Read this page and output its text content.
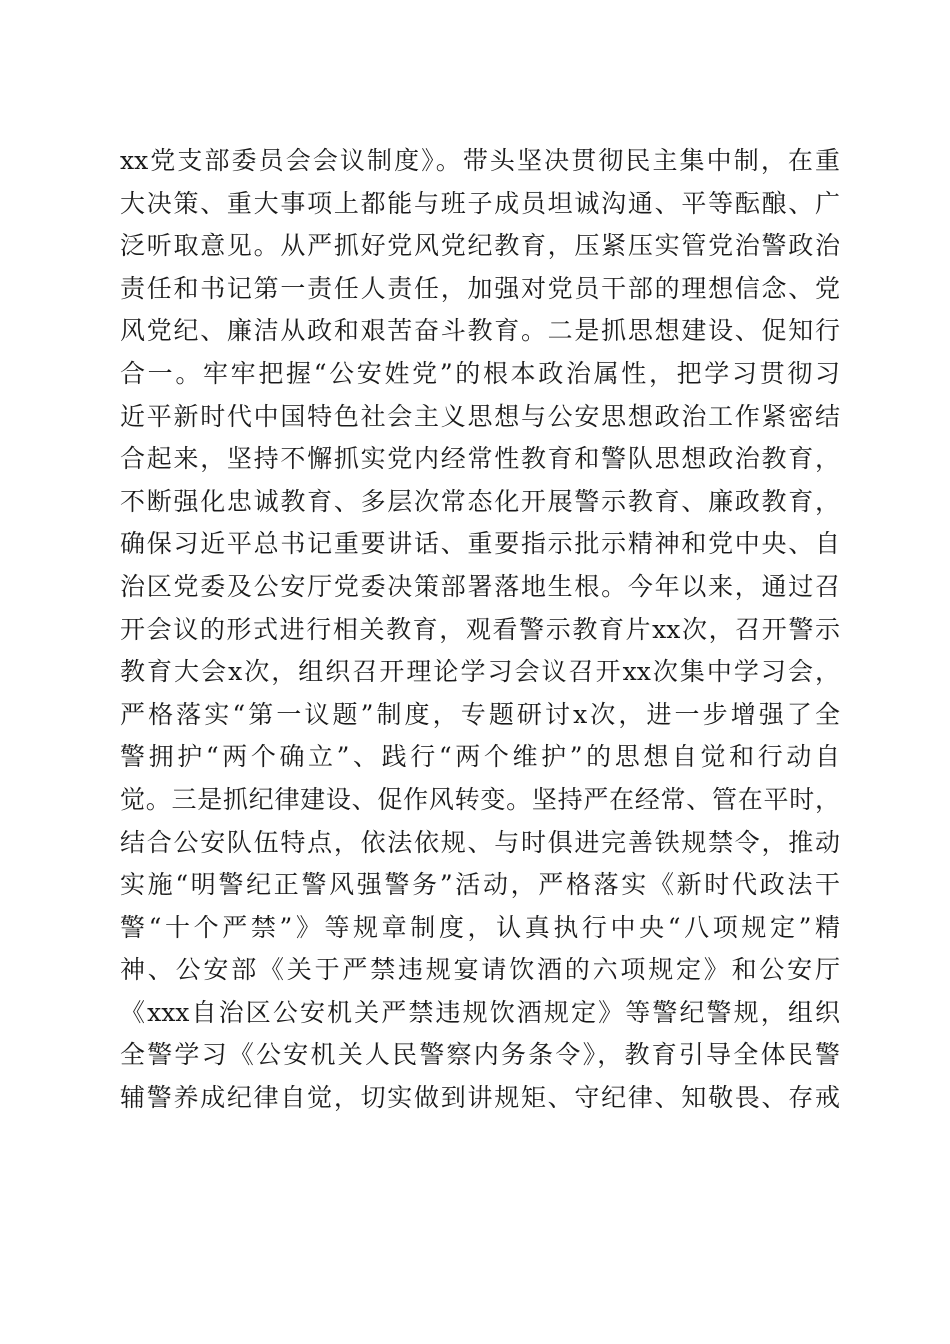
xx党支部委员会会议制度》。带头坚决贯彻民主集中制，在重
大决策、重大事项上都能与班子成员坦诚沟通、平等酝酿、广
泛听取意见。从严抓好党风党纪教育，压紧压实管党治警政治
责任和书记第一责任人责任，加强对党员干部的理想信念、党
风党纪、廉洁从政和艰苦奋斗教育。二是抓思想建设、促知行
合一。牢牢把握“公安姓党”的根本政治属性，把学习贯彻习
近平新时代中国特色社会主义思想与公安思想政治工作紧密结
合起来，坚持不懈抓实党内经常性教育和警队思想政治教育，
不断强化忠诚教育、多层次常态化开展警示教育、廉政教育，
确保习近平总书记重要讲话、重要指示批示精神和党中央、自
治区党委及公安厅党委决策部署落地生根。今年以来，通过召
开会议的形式进行相关教育，观看警示教育片xx次，召开警示
教育大会x次，组织召开理论学习会议召开xx次集中学习会，
严格落实“第一议题”制度，专题研讨x次，进一步增强了全
警拥护“两个确立”、践行“两个维护”的思想自觉和行动自
觉。三是抓纪律建设、促作风转变。坚持严在经常、管在平时，
结合公安队伍特点，依法依规、与时俱进完善铁规禁令，推动
实施“明警纪正警风强警务”活动，严格落实《新时代政法干
警“十个严禁”》等规章制度，认真执行中央“八项规定”精
神、公安部《关于严禁违规宴请饮酒的六项规定》和公安厅
《xxx自治区公安机关严禁违规饮酒规定》等警纪警规，组织
全警学习《公安机关人民警察内务条令》，教育引导全体民警
辅警养成纪律自觉，切实做到讲规矩、守纪律、知敬畏、存戒
